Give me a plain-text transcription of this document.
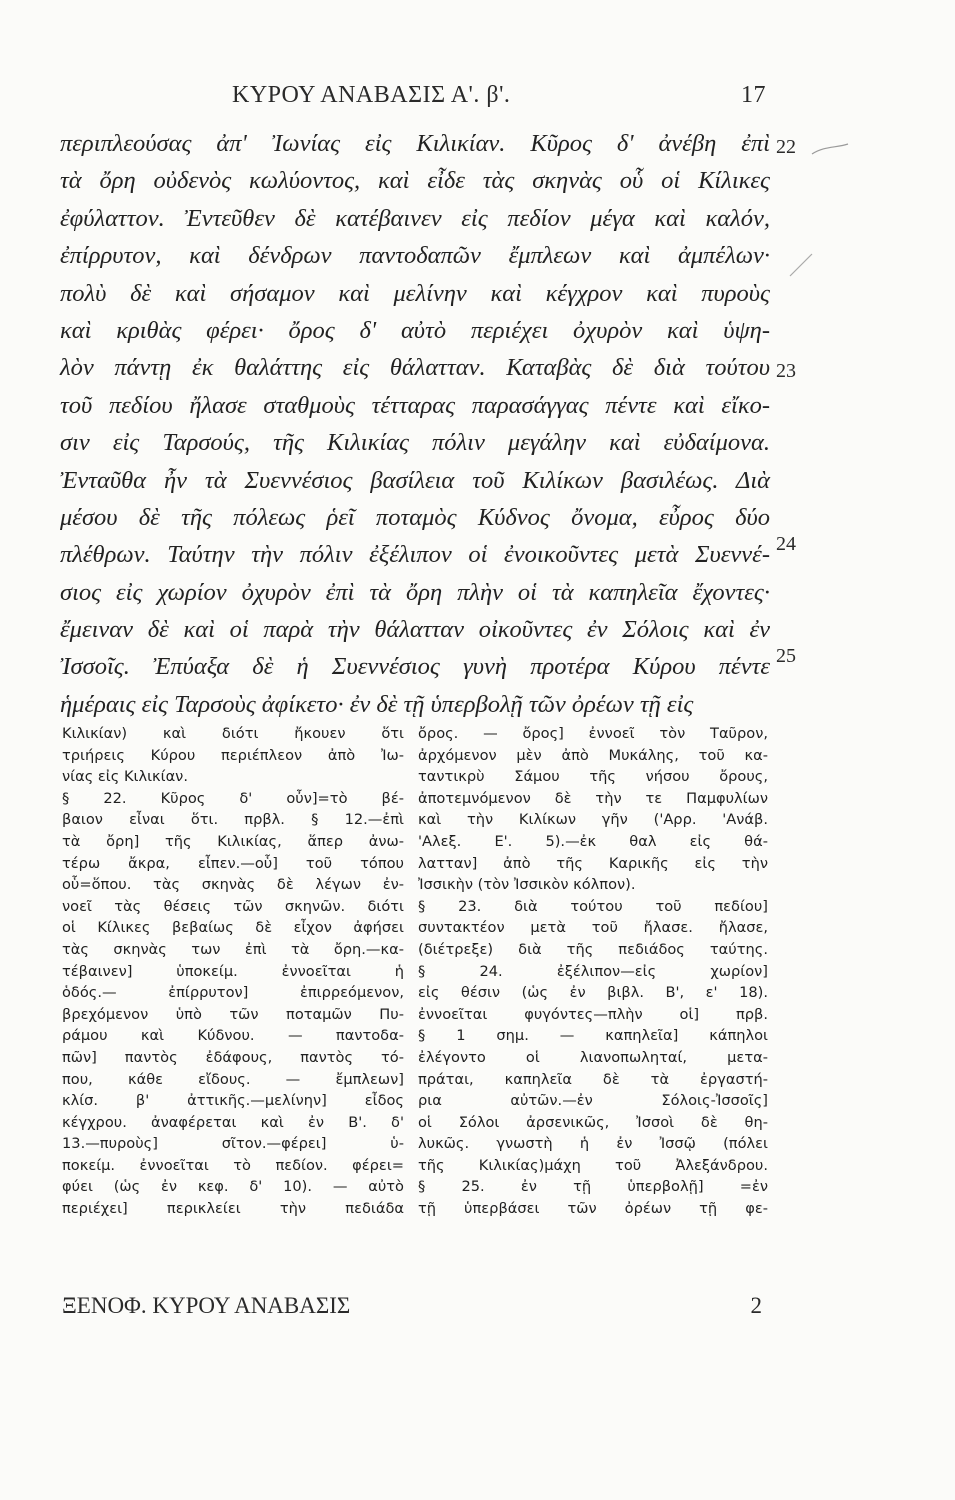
ΚΥΡΟΥ ΑΝΑΒΑΣΙΣ Α'. β'.	17
περιπλεούσας ἀπ' Ἰωνίας εἰς Κιλικίαν. Κῦρος δ' ἀνέβη ἐπὶ
τὰ ὄρη οὐδενὸς κωλύοντος, καὶ εἶδε τὰς σκηνὰς οὗ οἱ Κίλικες
ἐφύλαττον. Ἐντεῦθεν δὲ κατέβαινεν εἰς πεδίον μέγα καὶ καλόν,
ἐπίρρυτον, καὶ δένδρων παντοδαπῶν ἔμπλεων καὶ ἀμπέλων·
πολὺ δὲ καὶ σήσαμον καὶ μελίνην καὶ κέγχρον καὶ πυροὺς
καὶ κριθὰς φέρει· ὄρος δ' αὐτὸ περιέχει ὀχυρὸν καὶ ὑψη-
λὸν πάντῃ ἐκ θαλάττης εἰς θάλατταν. Καταβὰς δὲ διὰ τούτου
τοῦ πεδίου ἤλασε σταθμοὺς τέτταρας παρασάγγας πέντε καὶ εἴκο-
σιν εἰς Ταρσούς, τῆς Κιλικίας πόλιν μεγάλην καὶ εὐδαίμονα.
Ἐνταῦθα ἦν τὰ Συεννέσιος βασίλεια τοῦ Κιλίκων βασιλέως. Διὰ
μέσου δὲ τῆς πόλεως ῥεῖ ποταμὸς Κύδνος ὄνομα, εὖρος δύο
πλέθρων. Ταύτην τὴν πόλιν ἐξέλιπον οἱ ἐνοικοῦντες μετὰ Συεννέ-
σιος εἰς χωρίον ὀχυρὸν ἐπὶ τὰ ὄρη πλὴν οἱ τὰ καπηλεῖα ἔχοντες·
ἔμειναν δὲ καὶ οἱ παρὰ τὴν θάλατταν οἰκοῦντες ἐν Σόλοις καὶ ἐν
Ἰσσοῖς. Ἐπύαξα δὲ ἡ Συεννέσιος γυνὴ προτέρα Κύρου πέντε
ἡμέραις εἰς Ταρσοὺς ἀφίκετο· ἐν δὲ τῇ ὑπερβολῇ τῶν ὀρέων τῇ εἰς
22
23
24
25
Κιλικίαν) καὶ διότι ἤκουεν ὅτι
τριήρεις Κύρου περιέπλεον ἀπὸ Ἰω-
νίας εἰς Κιλικίαν.
§ 22. Κῦρος δ' οὖν]=τὸ βέ-
βαιον εἶναι ὅτι. πρβλ. § 12.—ἐπὶ
τὰ ὄρη] τῆς Κιλικίας, ἅπερ ἀνω-
τέρω ἄκρα, εἶπεν.—οὗ] τοῦ τόπου
οὗ=ὅπου. τὰς σκηνὰς δὲ λέγων ἐν-
νοεῖ τὰς θέσεις τῶν σκηνῶν. διότι
οἱ Κίλικες βεβαίως δὲ εἶχον ἀφήσει
τὰς σκηνὰς των ἐπὶ τὰ ὄρη.—κα-
τέβαινεν] ὑποκείμ. ἐννοεῖται ἡ
ὁδός.— ἐπίρρυτον] ἐπιρρεόμενον,
βρεχόμενον ὑπὸ τῶν ποταμῶν Πυ-
ράμου καὶ Κύδνου. — παντοδα-
πῶν] παντὸς ἐδάφους, παντὸς τό-
που, κάθε εἴδους. — ἔμπλεων]
κλίσ. β' ἀττικῆς.—μελίνην] εἶδος
κέγχρου. ἀναφέρεται καὶ ἐν Β'. δ'
13.—πυροὺς] σῖτον.—φέρει] ὑ-
ποκείμ. ἐννοεῖται τὸ πεδίον. φέρει=
φύει (ὡς ἐν κεφ. δ' 10). — αὐτὸ
περιέχει] περικλείει τὴν πεδιάδα
ὄρος. — ὄρος] ἐννοεῖ τὸν Ταῦρον,
ἀρχόμενον μὲν ἀπὸ Μυκάλης, τοῦ κα-
ταντικρὺ Σάμου τῆς νήσου ὄρους,
ἀποτεμνόμενον δὲ τὴν τε Παμφυλίων
καὶ τὴν Κιλίκων γῆν ('Αρρ. 'Ανάβ.
'Αλεξ. Ε'. 5).—ἐκ θαλ εἰς θά-
λατταν] ἀπὸ τῆς Καρικῆς εἰς τὴν
Ἰσσικὴν (τὸν Ἰσσικὸν κόλπον).
§ 23. διὰ τούτου τοῦ πεδίου]
συντακτέον μετὰ τοῦ ἤλασε. ἤλασε,
(διέτρεξε) διὰ τῆς πεδιάδος ταύτης.
§ 24. ἐξέλιπον—εἰς χωρίον]
εἰς θέσιν (ὡς ἐν βιβλ. Β', ε' 18).
ἐννοεῖται φυγόντες—πλὴν οἱ] πρβ.
§ 1 σημ. — καπηλεῖα] κάπηλοι
ἐλέγοντο οἱ λιανοπωληταί, μετα-
πράται, καπηλεῖα δὲ τὰ ἐργαστή-
ρια αὐτῶν.—ἐν Σόλοις-Ἰσσοῖς]
οἱ Σόλοι ἀρσενικῶς, Ἰσσοὶ δὲ θη-
λυκῶς. γνωστὴ ἡ ἐν Ἰσσῷ (πόλει
τῆς Κιλικίας)μάχη τοῦ Ἀλεξάνδρου.
§ 25. ἐν τῇ ὑπερβολῇ] =ἐν
τῇ ὑπερβάσει τῶν ὀρέων τῇ φε-
ΞΕΝΟΦ. ΚΥΡΟΥ ΑΝΑΒΑΣΙΣ	2
